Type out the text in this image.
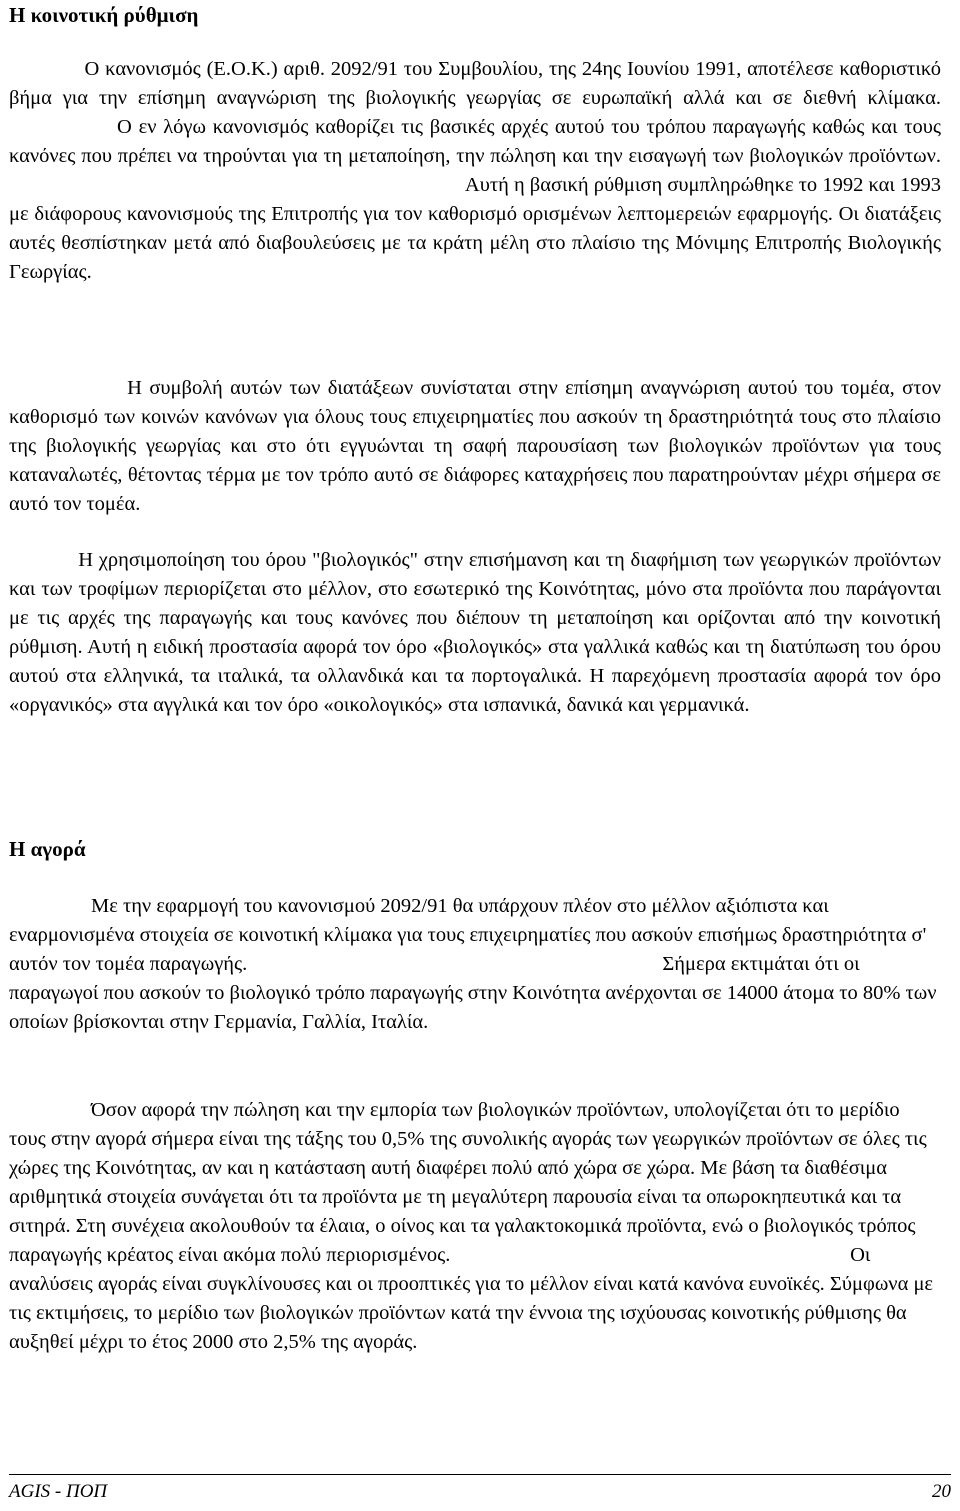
Η κοινοτική ρύθμιση

Ο κανονισμός (Ε.Ο.Κ.) αριθ. 2092/91 του Συμβουλίου, της 24ης Ιουνίου 1991, αποτέλεσε καθοριστικό βήμα για την επίσημη αναγνώριση της βιολογικής γεωργίας σε ευρωπαϊκή αλλά και σε διεθνή κλίμακα.                 Ο εν λόγω κανονισμός καθορίζει τις βασικές αρχές αυτού του τρόπου παραγωγής καθώς και τους κανόνες που πρέπει να τηρούνται για τη μεταποίηση, την πώληση και την εισαγωγή των βιολογικών προϊόντων.                                                                                          Αυτή η βασική ρύθμιση συμπληρώθηκε το 1992 και 1993 με διάφορους κανονισμούς της Επιτροπής για τον καθορισμό ορισμένων λεπτομερειών εφαρμογής. Οι διατάξεις αυτές θεσπίστηκαν μετά από διαβουλεύσεις με τα κράτη μέλη στο πλαίσιο της Μόνιμης Επιτροπής Βιολογικής Γεωργίας.

Η συμβολή αυτών των διατάξεων συνίσταται στην επίσημη αναγνώριση αυτού του τομέα, στον καθορισμό των κοινών κανόνων για όλους τους επιχειρηματίες που ασκούν τη δραστηριότητά τους στο πλαίσιο της βιολογικής γεωργίας και στο ότι εγγυώνται τη σαφή παρουσίαση των βιολογικών προϊόντων για τους καταναλωτές, θέτοντας τέρμα με τον τρόπο αυτό σε διάφορες καταχρήσεις που παρατηρούνταν μέχρι σήμερα σε αυτό τον τομέα.

Η χρησιμοποίηση του όρου "βιολογικός" στην επισήμανση και τη διαφήμιση των γεωργικών προϊόντων και των τροφίμων περιορίζεται στο μέλλον, στο εσωτερικό της Κοινότητας, μόνο στα προϊόντα που παράγονται με τις αρχές της παραγωγής και τους κανόνες που διέπουν τη μεταποίηση και ορίζονται από την κοινοτική ρύθμιση. Αυτή η ειδική προστασία αφορά τον όρο «βιολογικός» στα γαλλικά καθώς και τη διατύπωση του όρου αυτού στα ελληνικά, τα ιταλικά, τα ολλανδικά και τα πορτογαλικά. Η παρεχόμενη προστασία αφορά τον όρο «οργανικός» στα αγγλικά και τον όρο «οικολογικός» στα ισπανικά, δανικά και γερμανικά.

Η αγορά

Με την εφαρμογή του κανονισμού 2092/91 θα υπάρχουν πλέον στο μέλλον αξιόπιστα και εναρμονισμένα στοιχεία σε κοινοτική κλίμακα για τους επιχειρηματίες που ασκούν επισήμως δραστηριότητα σ' αυτόν τον τομέα παραγωγής.                                                                                 Σήμερα εκτιμάται ότι οι παραγωγοί που ασκούν το βιολογικό τρόπο παραγωγής στην Κοινότητα ανέρχονται σε 14000 άτομα το 80% των οποίων βρίσκονται στην Γερμανία, Γαλλία, Ιταλία.

Όσον αφορά την πώληση και την εμπορία των βιολογικών προϊόντων, υπολογίζεται ότι το μερίδιο τους στην αγορά σήμερα είναι της τάξης του 0,5% της συνολικής αγοράς των γεωργικών προϊόντων σε όλες τις χώρες της Κοινότητας, αν και η κατάσταση αυτή διαφέρει πολύ από χώρα σε χώρα. Με βάση τα διαθέσιμα αριθμητικά στοιχεία συνάγεται ότι τα προϊόντα με τη μεγαλύτερη παρουσία είναι τα οπωροκηπευτικά και τα σιτηρά. Στη συνέχεια ακολουθούν τα έλαια, ο οίνος και τα γαλακτοκομικά προϊόντα, ενώ ο βιολογικός τρόπος παραγωγής κρέατος είναι ακόμα πολύ περιορισμένος.                                                                              Οι αναλύσεις αγοράς είναι συγκλίνουσες και οι προοπτικές για το μέλλον είναι κατά κανόνα ευνοϊκές. Σύμφωνα με τις εκτιμήσεις, το μερίδιο των βιολογικών προϊόντων κατά την έννοια της ισχύουσας κοινοτικής ρύθμισης θα αυξηθεί μέχρι το έτος 2000 στο 2,5% της αγοράς.

AGIS - ΠΟΠ	20
